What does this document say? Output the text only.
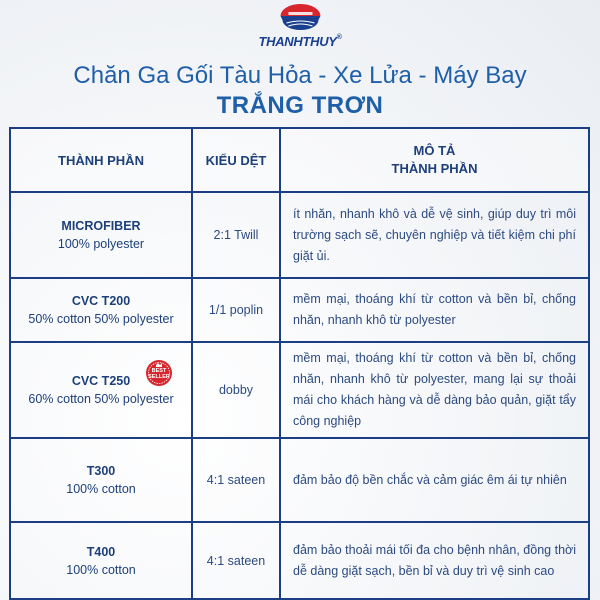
THANHTHUY®
Chăn Ga Gối Tàu Hỏa - Xe Lửa - Máy Bay
TRẮNG TRƠN
THÀNH PHẦN	KIỂU DỆT	MÔ TẢ
THÀNH PHẦN

MICROFIBER
100% polyester	2:1 Twill	ít nhăn, nhanh khô và dễ vệ sinh, giúp duy trì môi trường sạch sẽ, chuyên nghiệp và tiết kiệm chi phí giặt ủi.

CVC T200
50% cotton 50% polyester	1/1 poplin	mềm mại, thoáng khí từ cotton và bền bỉ, chống nhăn, nhanh khô từ polyester

CVC T250
60% cotton 50% polyester
BEST SELLER	dobby	mềm mại, thoáng khí từ cotton và bền bỉ, chống nhăn, nhanh khô từ polyester, mang lại sự thoải mái cho khách hàng và dễ dàng bảo quản, giặt tẩy công nghiệp

T300
100% cotton	4:1 sateen	đảm bảo độ bền chắc và cảm giác êm ái tự nhiên

T400
100% cotton	4:1 sateen	đảm bảo thoải mái tối đa cho bệnh nhân, đồng thời dễ dàng giặt sạch, bền bỉ và duy trì vệ sinh cao
